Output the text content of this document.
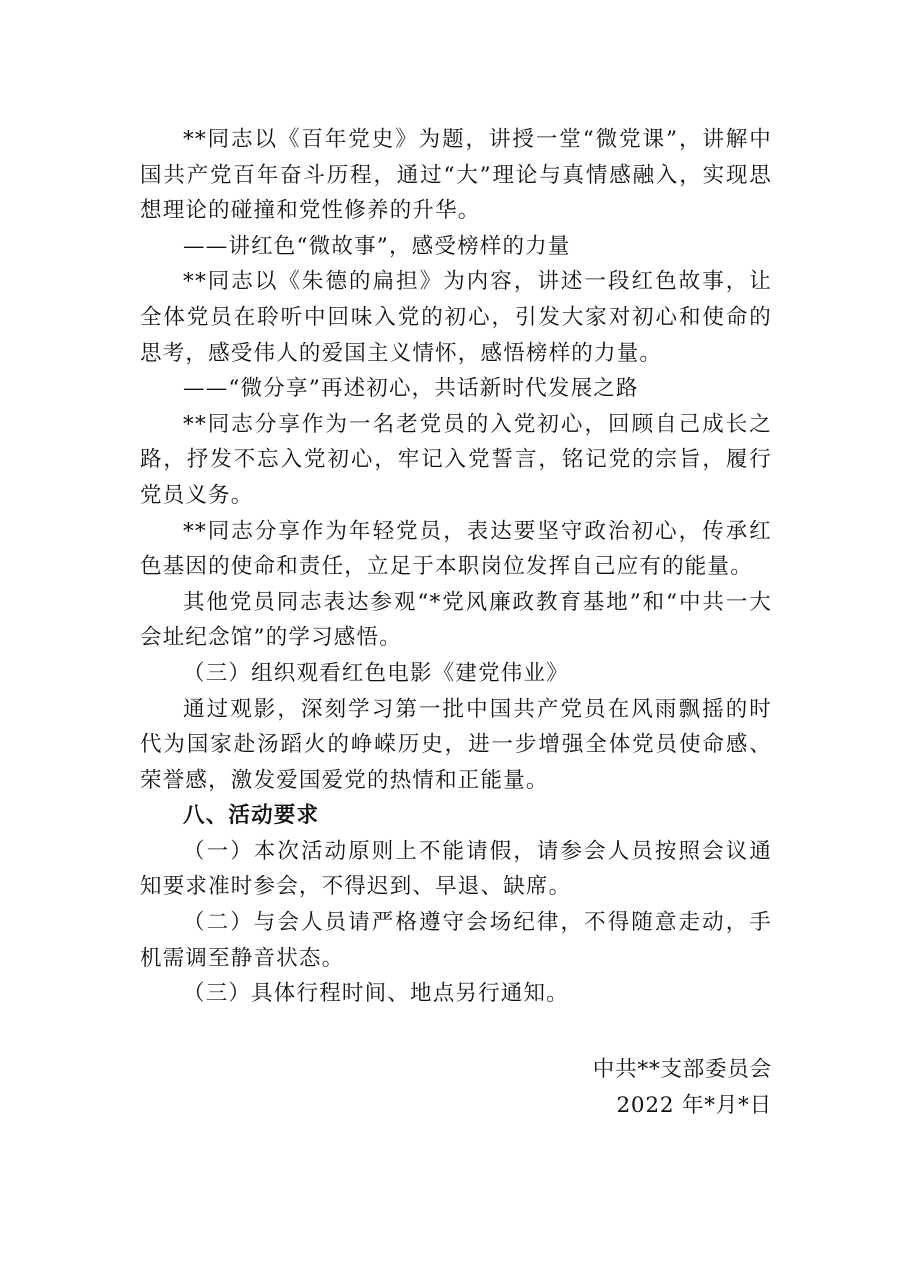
**同志以《百年党史》为题，讲授一堂“微党课”，讲解中国共产党百年奋斗历程，通过“大”理论与真情感融入，实现思想理论的碰撞和党性修养的升华。

——讲红色“微故事”，感受榜样的力量

**同志以《朱德的扁担》为内容，讲述一段红色故事，让全体党员在聆听中回味入党的初心，引发大家对初心和使命的思考，感受伟人的爱国主义情怀，感悟榜样的力量。

——“微分享”再述初心，共话新时代发展之路

**同志分享作为一名老党员的入党初心，回顾自己成长之路，抒发不忘入党初心，牢记入党誓言，铭记党的宗旨，履行党员义务。

**同志分享作为年轻党员，表达要坚守政治初心，传承红色基因的使命和责任，立足于本职岗位发挥自己应有的能量。

其他党员同志表达参观“*党风廉政教育基地”和“中共一大会址纪念馆”的学习感悟。

（三）组织观看红色电影《建党伟业》

通过观影，深刻学习第一批中国共产党员在风雨飘摇的时代为国家赴汤蹈火的峥嵘历史，进一步增强全体党员使命感、荣誉感，激发爱国爱党的热情和正能量。

八、活动要求

（一）本次活动原则上不能请假，请参会人员按照会议通知要求准时参会，不得迟到、早退、缺席。

（二）与会人员请严格遵守会场纪律，不得随意走动，手机需调至静音状态。

（三）具体行程时间、地点另行通知。

中共**支部委员会
2022 年*月*日
